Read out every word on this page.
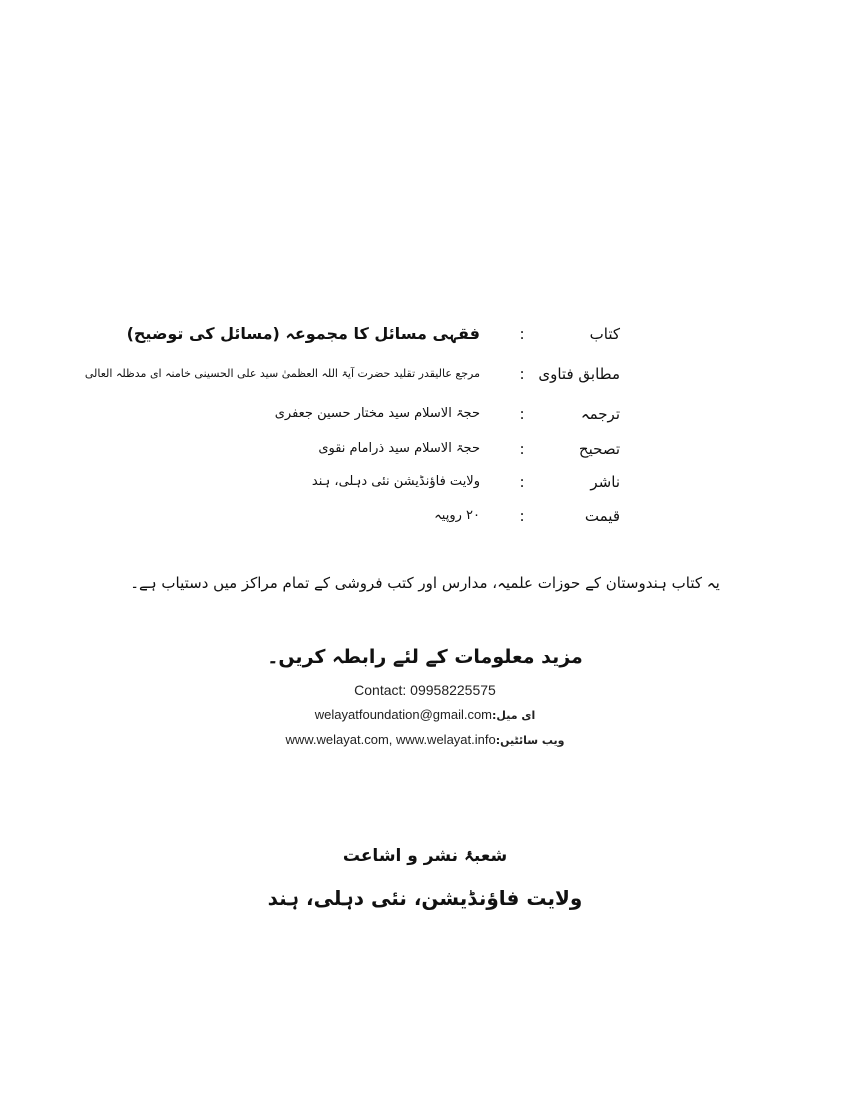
کتاب
:
فقہی مسائل کا مجموعہ (مسائل کی توضیح)
مطابق فتاوی
:
مرجع عالیقدر تقلید حضرت آیۃ اللہ العظمیٰ سید علی الحسینی خامنہ ای مدظلہ العالی
ترجمہ
:
حجۃ الاسلام سید مختار حسین جعفری
تصحیح
:
حجۃ الاسلام سید ذرامام نقوی
ناشر
:
ولایت فاؤنڈیشن نئی دہلی، ہند
قیمت
:
۲۰ روپیہ
یہ کتاب ہندوستان کے حوزات علمیہ، مدارس اور کتب فروشی کے تمام مراکز میں دستیاب ہے۔
مزید معلومات کے لئے رابطہ کریں۔
Contact: 09958225575
welayatfoundation@gmail.comای میل:
www.welayat.com, www.welayat.infoویب سائٹیں:
شعبۂ نشر و اشاعت
ولایت فاؤنڈیشن، نئی دہلی، ہند
